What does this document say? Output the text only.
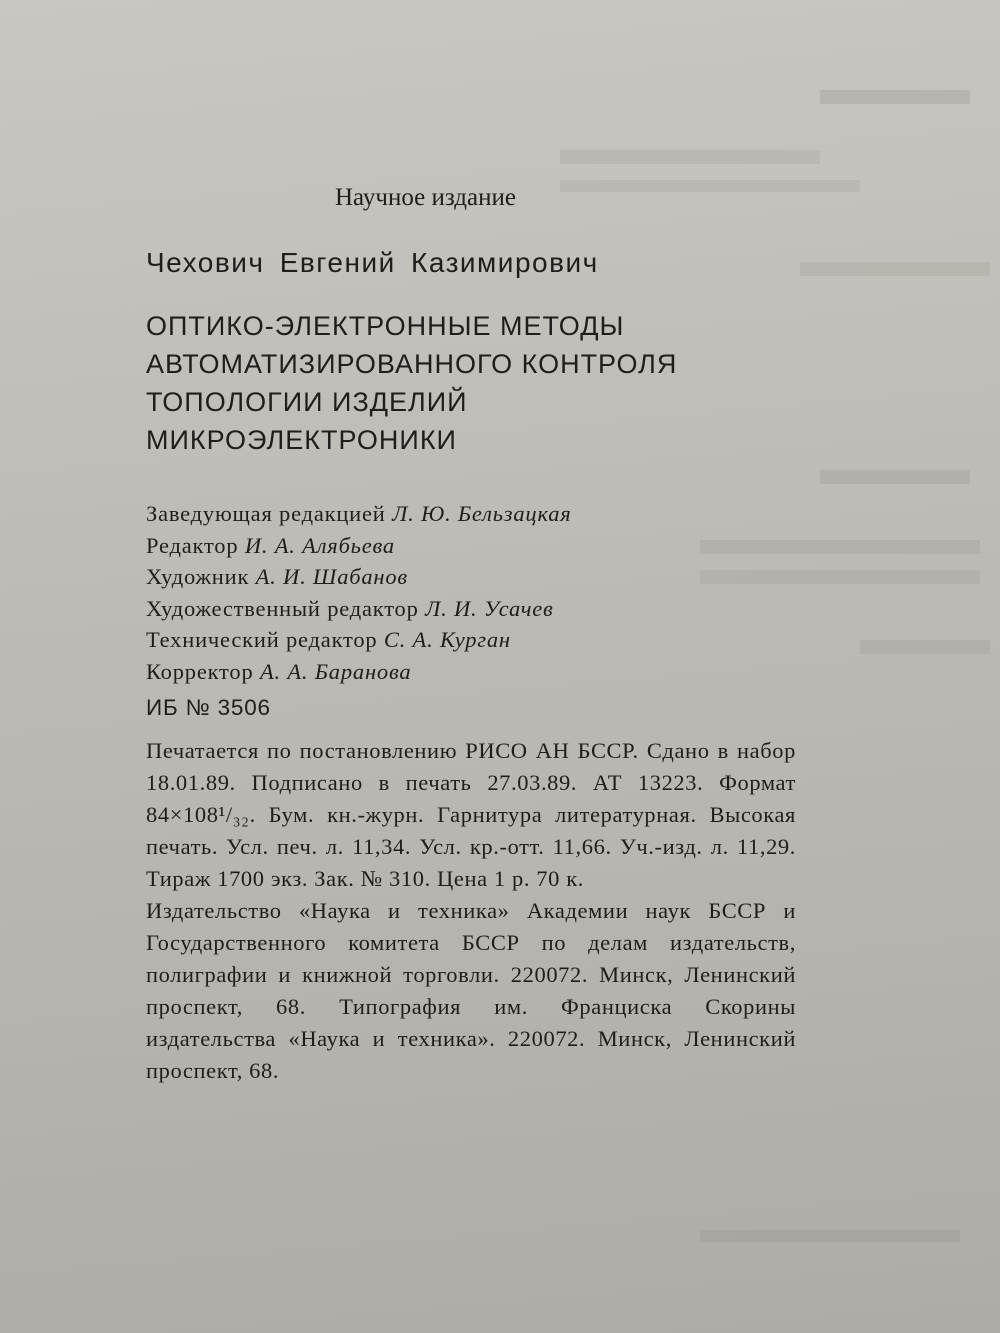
Научное издание
Чехович Евгений Казимирович
ОПТИКО-ЭЛЕКТРОННЫЕ МЕТОДЫ
АВТОМАТИЗИРОВАННОГО КОНТРОЛЯ
ТОПОЛОГИИ ИЗДЕЛИЙ
МИКРОЭЛЕКТРОНИКИ
Заведующая редакцией Л. Ю. Бельзацкая
Редактор И. А. Алябьева
Художник А. И. Шабанов
Художественный редактор Л. И. Усачев
Технический редактор С. А. Курган
Корректор А. А. Баранова
ИБ № 3506

Печатается по постановлению РИСО АН БССР. Сдано в набор 18.01.89. Подписано в печать 27.03.89. АТ 13223. Формат 84×108¹/₃₂. Бум. кн.-журн. Гарнитура литературная. Высокая печать. Усл. печ. л. 11,34. Усл. кр.-отт. 11,66. Уч.-изд. л. 11,29. Тираж 1700 экз. Зак. № 310. Цена 1 р. 70 к.

Издательство «Наука и техника» Академии наук БССР и Государственного комитета БССР по делам издательств, полиграфии и книжной торговли. 220072. Минск, Ленинский проспект, 68. Типография им. Франциска Скорины издательства «Наука и техника». 220072. Минск, Ленинский проспект, 68.
